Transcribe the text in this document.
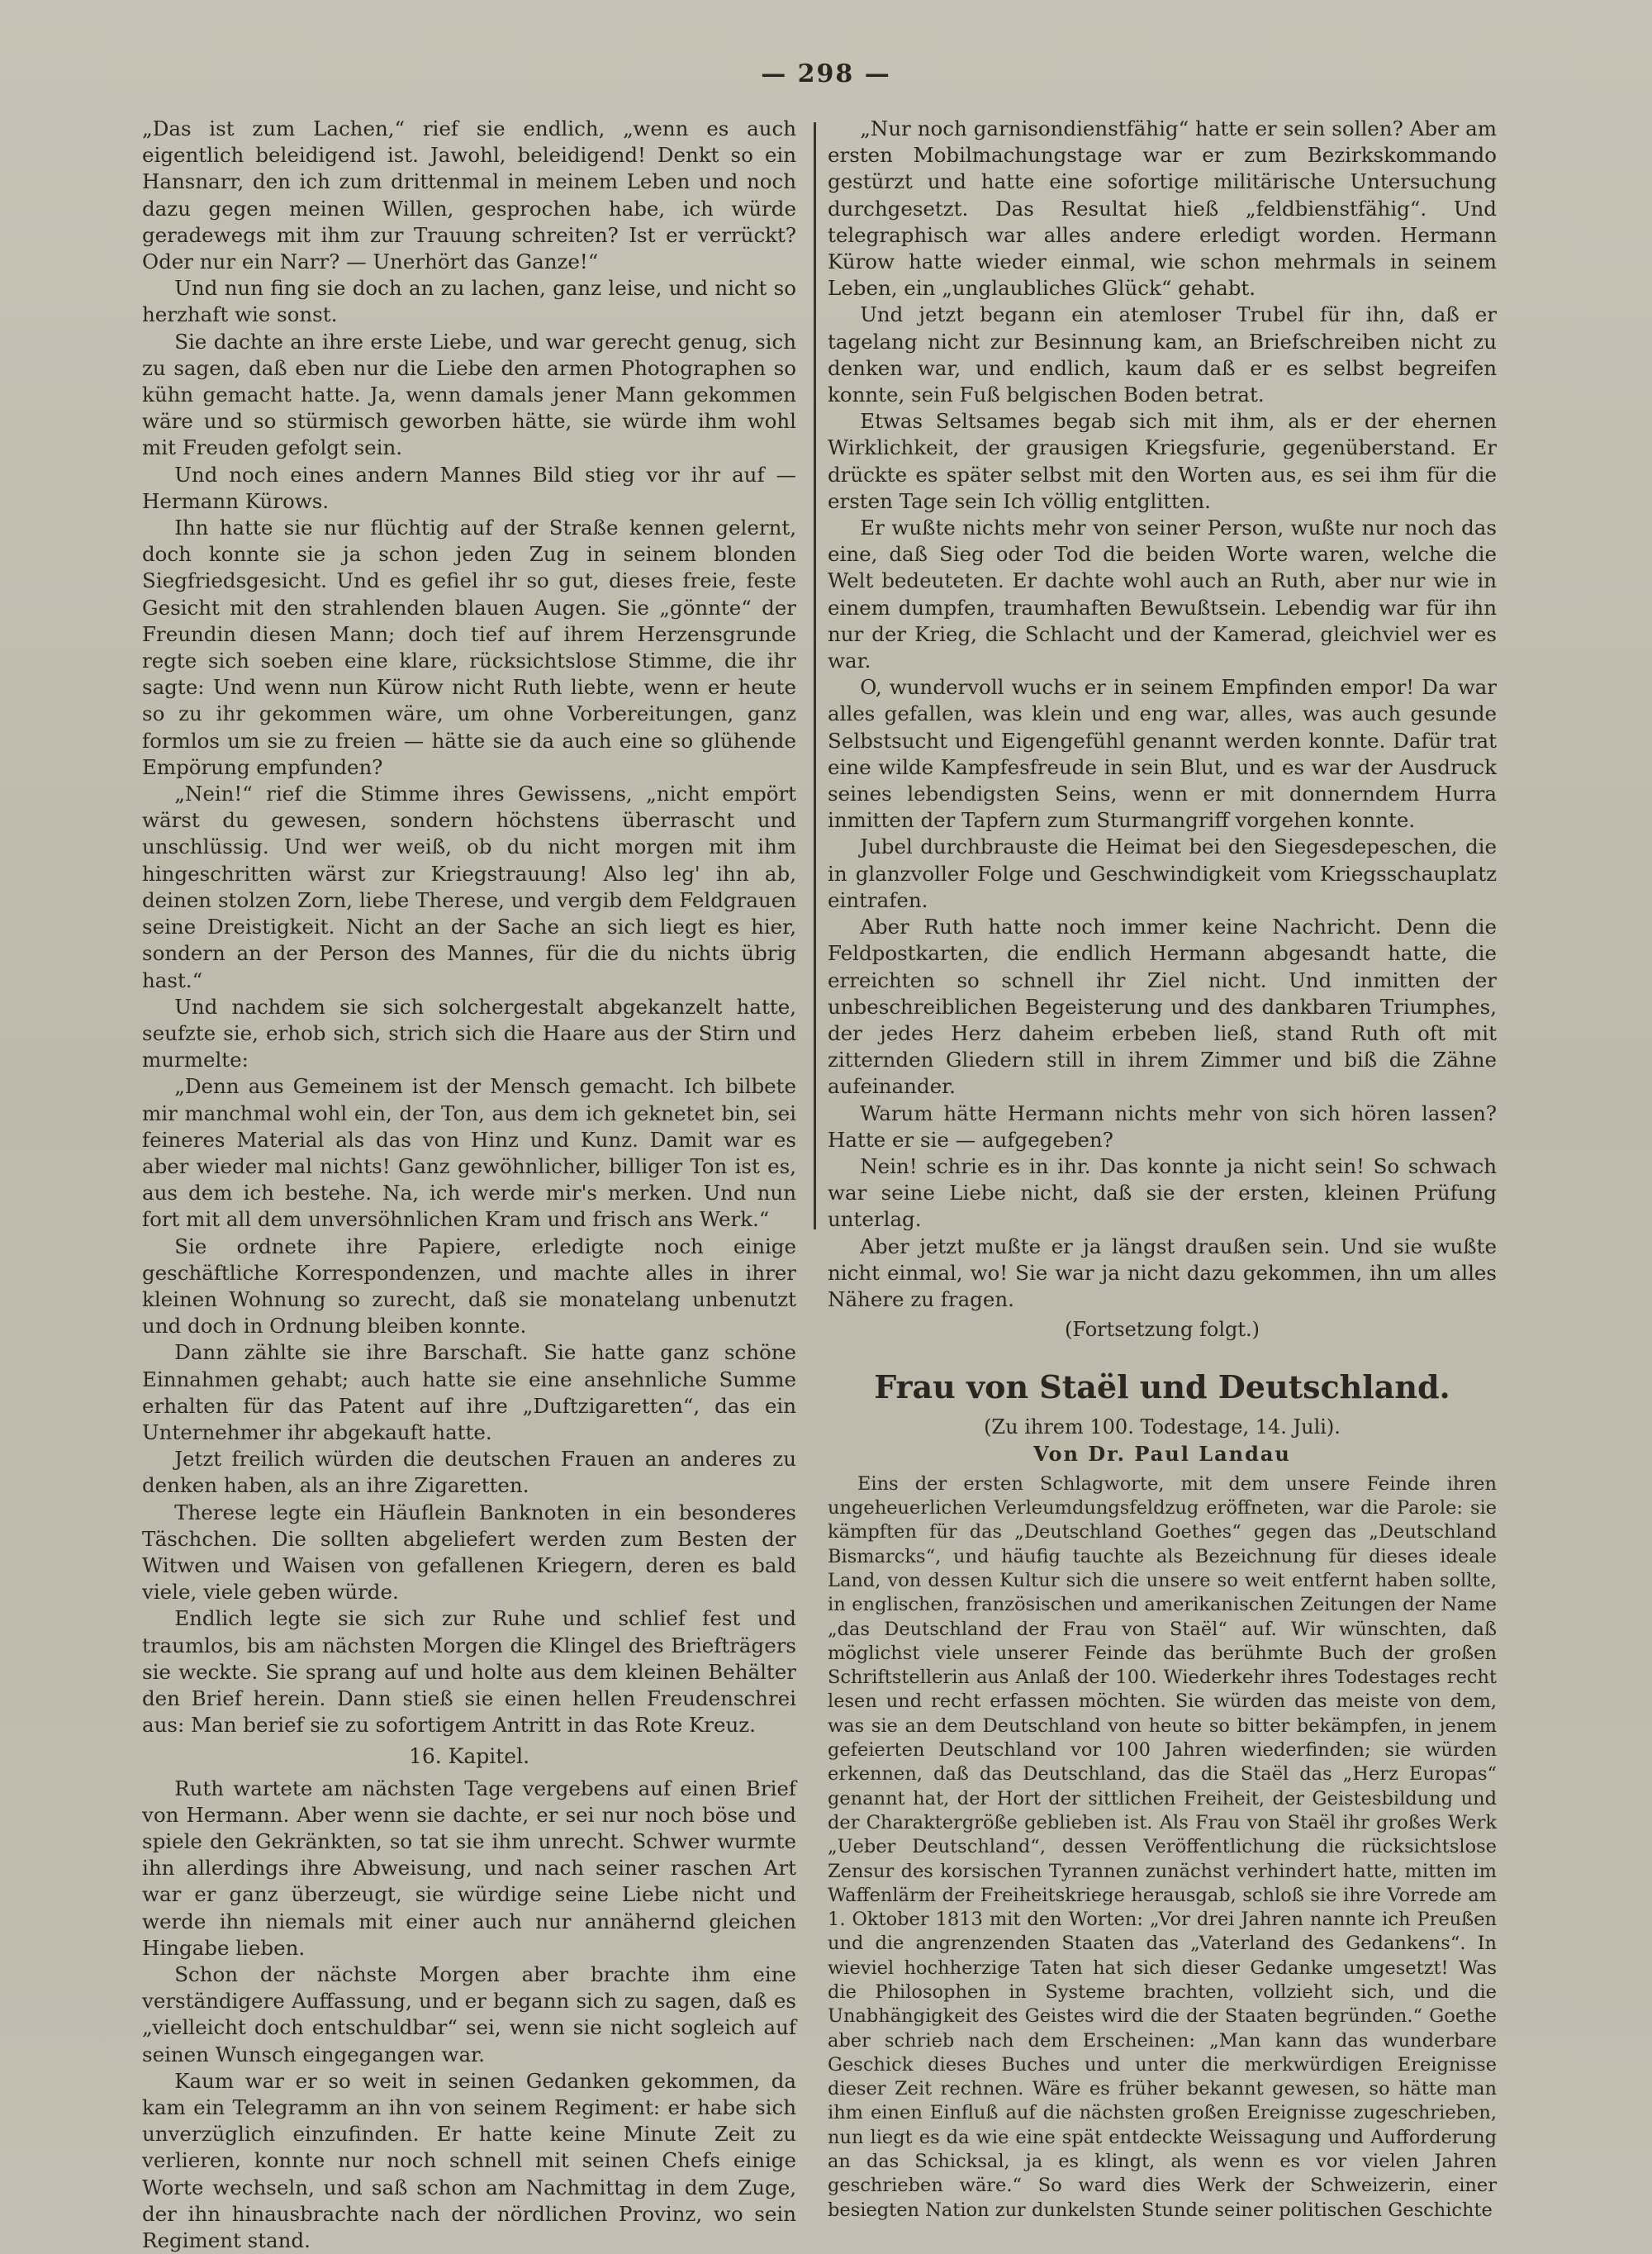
— 298 —

„Das ist zum Lachen,“ rief sie endlich, „wenn es auch eigentlich beleidigend ist. Jawohl, beleidigend! Denkt so ein Hansnarr, den ich zum drittenmal in meinem Leben und noch dazu gegen meinen Willen, gesprochen habe, ich würde geradewegs mit ihm zur Trauung schreiten? Ist er verrückt? Oder nur ein Narr? — Unerhört das Ganze!“

Und nun fing sie doch an zu lachen, ganz leise, und nicht so herzhaft wie sonst.

Sie dachte an ihre erste Liebe, und war gerecht genug, sich zu sagen, daß eben nur die Liebe den armen Photographen so kühn gemacht hatte. Ja, wenn damals jener Mann gekommen wäre und so stürmisch geworben hätte, sie würde ihm wohl mit Freuden gefolgt sein.

Und noch eines andern Mannes Bild stieg vor ihr auf — Hermann Kürows.

Ihn hatte sie nur flüchtig auf der Straße kennen gelernt, doch konnte sie ja schon jeden Zug in seinem blonden Siegfriedsgesicht. Und es gefiel ihr so gut, dieses freie, feste Gesicht mit den strahlenden blauen Augen. Sie „gönnte“ der Freundin diesen Mann; doch tief auf ihrem Herzensgrunde regte sich soeben eine klare, rücksichtslose Stimme, die ihr sagte: Und wenn nun Kürow nicht Ruth liebte, wenn er heute so zu ihr gekommen wäre, um ohne Vorbereitungen, ganz formlos um sie zu freien — hätte sie da auch eine so glühende Empörung empfunden?

„Nein!“ rief die Stimme ihres Gewissens, „nicht empört wärst du gewesen, sondern höchstens überrascht und unschlüssig. Und wer weiß, ob du nicht morgen mit ihm hingeschritten wärst zur Kriegstrauung! Also leg' ihn ab, deinen stolzen Zorn, liebe Therese, und vergib dem Feldgrauen seine Dreistigkeit. Nicht an der Sache an sich liegt es hier, sondern an der Person des Mannes, für die du nichts übrig hast.“

Und nachdem sie sich solchergestalt abgekanzelt hatte, seufzte sie, erhob sich, strich sich die Haare aus der Stirn und murmelte:

„Denn aus Gemeinem ist der Mensch gemacht. Ich bilbete mir manchmal wohl ein, der Ton, aus dem ich geknetet bin, sei feineres Material als das von Hinz und Kunz. Damit war es aber wieder mal nichts! Ganz gewöhnlicher, billiger Ton ist es, aus dem ich bestehe. Na, ich werde mir's merken. Und nun fort mit all dem unversöhnlichen Kram und frisch ans Werk.“

Sie ordnete ihre Papiere, erledigte noch einige geschäftliche Korrespondenzen, und machte alles in ihrer kleinen Wohnung so zurecht, daß sie monatelang unbenutzt und doch in Ordnung bleiben konnte.

Dann zählte sie ihre Barschaft. Sie hatte ganz schöne Einnahmen gehabt; auch hatte sie eine ansehnliche Summe erhalten für das Patent auf ihre „Duftzigaretten“, das ein Unternehmer ihr abgekauft hatte.

Jetzt freilich würden die deutschen Frauen an anderes zu denken haben, als an ihre Zigaretten.

Therese legte ein Häuflein Banknoten in ein besonderes Täschchen. Die sollten abgeliefert werden zum Besten der Witwen und Waisen von gefallenen Kriegern, deren es bald viele, viele geben würde.

Endlich legte sie sich zur Ruhe und schlief fest und traumlos, bis am nächsten Morgen die Klingel des Briefträgers sie weckte. Sie sprang auf und holte aus dem kleinen Behälter den Brief herein. Dann stieß sie einen hellen Freudenschrei aus: Man berief sie zu sofortigem Antritt in das Rote Kreuz.

16. Kapitel.

Ruth wartete am nächsten Tage vergebens auf einen Brief von Hermann. Aber wenn sie dachte, er sei nur noch böse und spiele den Gekränkten, so tat sie ihm unrecht. Schwer wurmte ihn allerdings ihre Abweisung, und nach seiner raschen Art war er ganz überzeugt, sie würdige seine Liebe nicht und werde ihn niemals mit einer auch nur annähernd gleichen Hingabe lieben.

Schon der nächste Morgen aber brachte ihm eine verständigere Auffassung, und er begann sich zu sagen, daß es „vielleicht doch entschuldbar“ sei, wenn sie nicht sogleich auf seinen Wunsch eingegangen war.

Kaum war er so weit in seinen Gedanken gekommen, da kam ein Telegramm an ihn von seinem Regiment: er habe sich unverzüglich einzufinden. Er hatte keine Minute Zeit zu verlieren, konnte nur noch schnell mit seinen Chefs einige Worte wechseln, und saß schon am Nachmittag in dem Zuge, der ihn hinausbrachte nach der nördlichen Provinz, wo sein Regiment stand.

„Nur noch garnisondienstfähig“ hatte er sein sollen? Aber am ersten Mobilmachungstage war er zum Bezirkskommando gestürzt und hatte eine sofortige militärische Untersuchung durchgesetzt. Das Resultat hieß „feldbienstfähig“. Und telegraphisch war alles andere erledigt worden. Hermann Kürow hatte wieder einmal, wie schon mehrmals in seinem Leben, ein „unglaubliches Glück“ gehabt.

Und jetzt begann ein atemloser Trubel für ihn, daß er tagelang nicht zur Besinnung kam, an Briefschreiben nicht zu denken war, und endlich, kaum daß er es selbst begreifen konnte, sein Fuß belgischen Boden betrat.

Etwas Seltsames begab sich mit ihm, als er der ehernen Wirklichkeit, der grausigen Kriegsfurie, gegenüberstand. Er drückte es später selbst mit den Worten aus, es sei ihm für die ersten Tage sein Ich völlig entglitten.

Er wußte nichts mehr von seiner Person, wußte nur noch das eine, daß Sieg oder Tod die beiden Worte waren, welche die Welt bedeuteten. Er dachte wohl auch an Ruth, aber nur wie in einem dumpfen, traumhaften Bewußtsein. Lebendig war für ihn nur der Krieg, die Schlacht und der Kamerad, gleichviel wer es war.

O, wundervoll wuchs er in seinem Empfinden empor! Da war alles gefallen, was klein und eng war, alles, was auch gesunde Selbstsucht und Eigengefühl genannt werden konnte. Dafür trat eine wilde Kampfesfreude in sein Blut, und es war der Ausdruck seines lebendigsten Seins, wenn er mit donnerndem Hurra inmitten der Tapfern zum Sturmangriff vorgehen konnte.

Jubel durchbrauste die Heimat bei den Siegesdepeschen, die in glanzvoller Folge und Geschwindigkeit vom Kriegsschauplatz eintrafen.

Aber Ruth hatte noch immer keine Nachricht. Denn die Feldpostkarten, die endlich Hermann abgesandt hatte, die erreichten so schnell ihr Ziel nicht. Und inmitten der unbeschreiblichen Begeisterung und des dankbaren Triumphes, der jedes Herz daheim erbeben ließ, stand Ruth oft mit zitternden Gliedern still in ihrem Zimmer und biß die Zähne aufeinander.

Warum hätte Hermann nichts mehr von sich hören lassen? Hatte er sie — aufgegeben?

Nein! schrie es in ihr. Das konnte ja nicht sein! So schwach war seine Liebe nicht, daß sie der ersten, kleinen Prüfung unterlag.

Aber jetzt mußte er ja längst draußen sein. Und sie wußte nicht einmal, wo! Sie war ja nicht dazu gekommen, ihn um alles Nähere zu fragen.

(Fortsetzung folgt.)
Frau von Staël und Deutschland.
(Zu ihrem 100. Todestage, 14. Juli).
Von Dr. Paul Landau

Eins der ersten Schlagworte, mit dem unsere Feinde ihren ungeheuerlichen Verleumdungsfeldzug eröffneten, war die Parole: sie kämpften für das „Deutschland Goethes“ gegen das „Deutschland Bismarcks“, und häufig tauchte als Bezeichnung für dieses ideale Land, von dessen Kultur sich die unsere so weit entfernt haben sollte, in englischen, französischen und amerikanischen Zeitungen der Name „das Deutschland der Frau von Staël“ auf. Wir wünschten, daß möglichst viele unserer Feinde das berühmte Buch der großen Schriftstellerin aus Anlaß der 100. Wiederkehr ihres Todestages recht lesen und recht erfassen möchten. Sie würden das meiste von dem, was sie an dem Deutschland von heute so bitter bekämpfen, in jenem gefeierten Deutschland vor 100 Jahren wiederfinden; sie würden erkennen, daß das Deutschland, das die Staël das „Herz Europas“ genannt hat, der Hort der sittlichen Freiheit, der Geistesbildung und der Charaktergröße geblieben ist. Als Frau von Staël ihr großes Werk „Ueber Deutschland“, dessen Veröffentlichung die rücksichtslose Zensur des korsischen Tyrannen zunächst verhindert hatte, mitten im Waffenlärm der Freiheitskriege herausgab, schloß sie ihre Vorrede am 1. Oktober 1813 mit den Worten: „Vor drei Jahren nannte ich Preußen und die angrenzenden Staaten das „Vaterland des Gedankens“. In wieviel hochherzige Taten hat sich dieser Gedanke umgesetzt! Was die Philosophen in Systeme brachten, vollzieht sich, und die Unabhängigkeit des Geistes wird die der Staaten begründen.“ Goethe aber schrieb nach dem Erscheinen: „Man kann das wunderbare Geschick dieses Buches und unter die merkwürdigen Ereignisse dieser Zeit rechnen. Wäre es früher bekannt gewesen, so hätte man ihm einen Einfluß auf die nächsten großen Ereignisse zugeschrieben, nun liegt es da wie eine spät entdeckte Weissagung und Aufforderung an das Schicksal, ja es klingt, als wenn es vor vielen Jahren geschrieben wäre.“ So ward dies Werk der Schweizerin, einer besiegten Nation zur dunkelsten Stunde seiner politischen Geschichte
